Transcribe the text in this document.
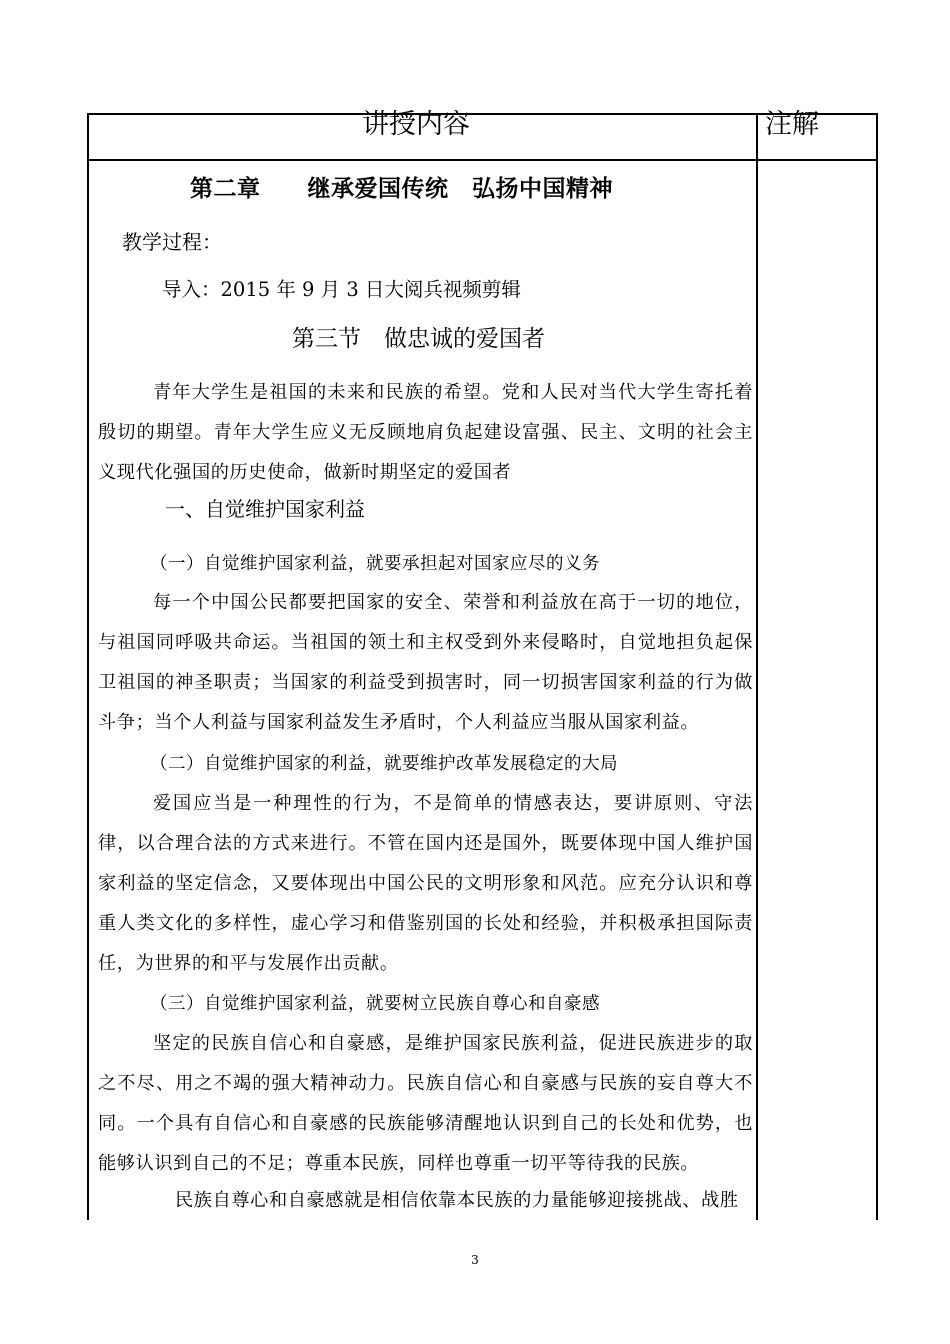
讲授内容	注解
第二章　　继承爱国传统　弘扬中国精神
教学过程：
导入：2015 年 9 月 3 日大阅兵视频剪辑
第三节　做忠诚的爱国者
青年大学生是祖国的未来和民族的希望。党和人民对当代大学生寄托着殷切的期望。青年大学生应义无反顾地肩负起建设富强、民主、文明的社会主义现代化强国的历史使命，做新时期坚定的爱国者
一、自觉维护国家利益
（一）自觉维护国家利益，就要承担起对国家应尽的义务
每一个中国公民都要把国家的安全、荣誉和利益放在高于一切的地位，与祖国同呼吸共命运。当祖国的领土和主权受到外来侵略时，自觉地担负起保卫祖国的神圣职责；当国家的利益受到损害时，同一切损害国家利益的行为做斗争；当个人利益与国家利益发生矛盾时，个人利益应当服从国家利益。
（二）自觉维护国家的利益，就要维护改革发展稳定的大局
爱国应当是一种理性的行为，不是简单的情感表达，要讲原则、守法律，以合理合法的方式来进行。不管在国内还是国外，既要体现中国人维护国家利益的坚定信念，又要体现出中国公民的文明形象和风范。应充分认识和尊重人类文化的多样性，虚心学习和借鉴别国的长处和经验，并积极承担国际责任，为世界的和平与发展作出贡献。
（三）自觉维护国家利益，就要树立民族自尊心和自豪感
坚定的民族自信心和自豪感，是维护国家民族利益，促进民族进步的取之不尽、用之不竭的强大精神动力。民族自信心和自豪感与民族的妄自尊大不同。一个具有自信心和自豪感的民族能够清醒地认识到自己的长处和优势，也能够认识到自己的不足；尊重本民族，同样也尊重一切平等待我的民族。
民族自尊心和自豪感就是相信依靠本民族的力量能够迎接挑战、战胜
3
